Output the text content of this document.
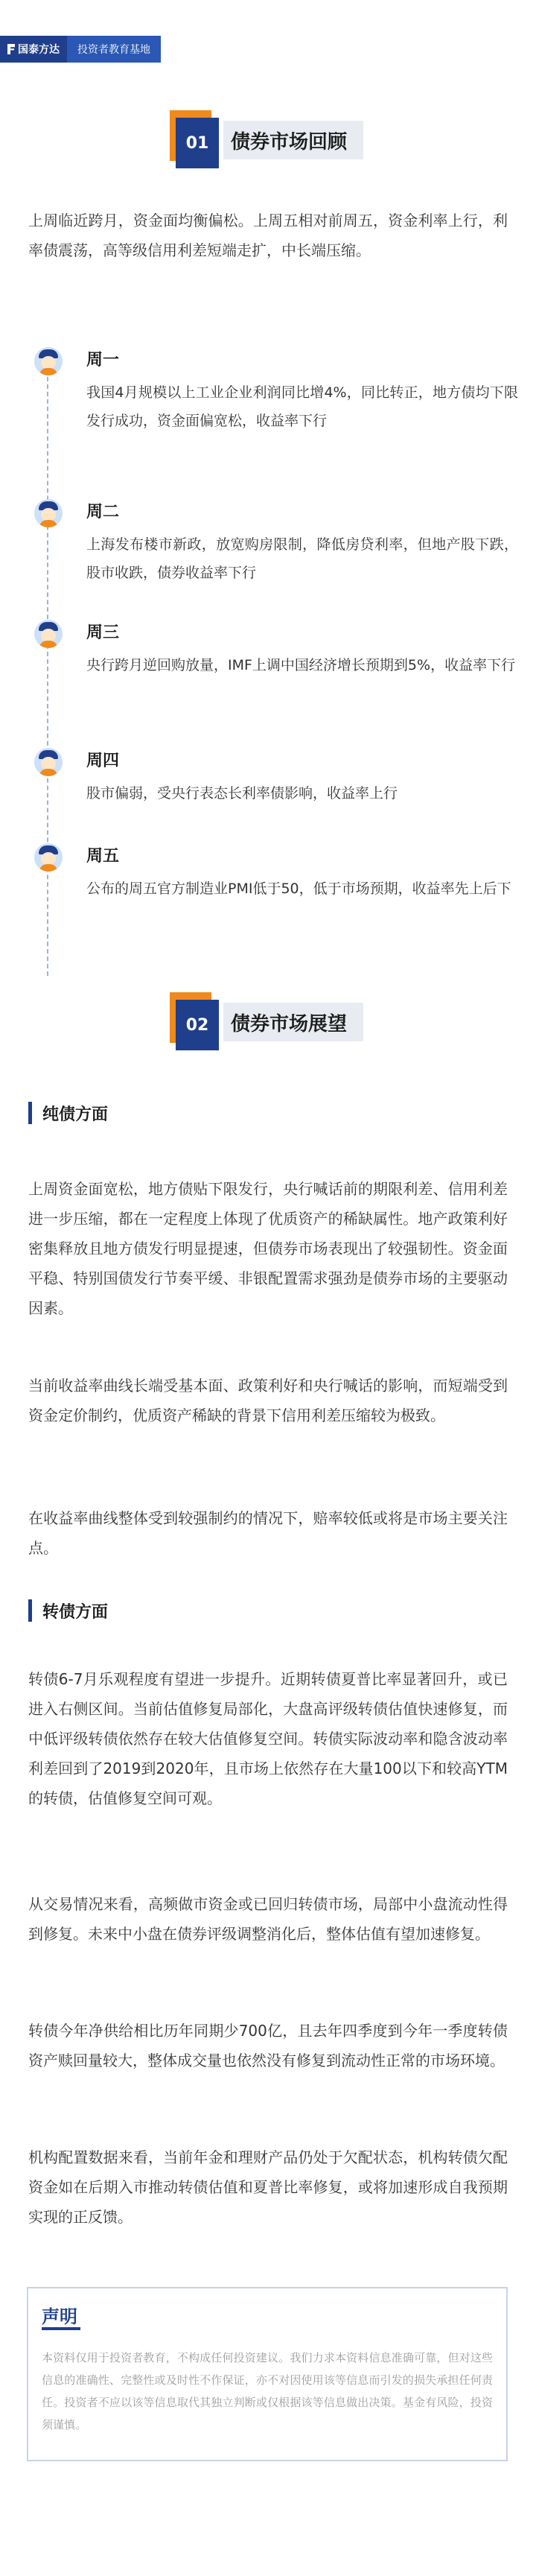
国泰方达	投资者教育基地
01	债券市场回顾

上周临近跨月，资金面均衡偏松。上周五相对前周五，资金利率上行，利率债震荡，高等级信用利差短端走扩，中长端压缩。

周一

我国4月规模以上工业企业利润同比增4%，同比转正，地方债均下限发行成功，资金面偏宽松，收益率下行

周二

上海发布楼市新政，放宽购房限制，降低房贷利率，但地产股下跌，股市收跌，债券收益率下行

周三

央行跨月逆回购放量，IMF上调中国经济增长预期到5%，收益率下行

周四

股市偏弱，受央行表态长利率债影响，收益率上行

周五

公布的周五官方制造业PMI低于50，低于市场预期，收益率先上后下

02	债券市场展望
纯债方面

上周资金面宽松，地方债贴下限发行，央行喊话前的期限利差、信用利差进一步压缩，都在一定程度上体现了优质资产的稀缺属性。地产政策利好密集释放且地方债发行明显提速，但债券市场表现出了较强韧性。资金面平稳、特别国债发行节奏平缓、非银配置需求强劲是债券市场的主要驱动因素。

当前收益率曲线长端受基本面、政策利好和央行喊话的影响，而短端受到资金定价制约，优质资产稀缺的背景下信用利差压缩较为极致。

在收益率曲线整体受到较强制约的情况下，赔率较低或将是市场主要关注点。

转债方面

转债6-7月乐观程度有望进一步提升。近期转债夏普比率显著回升，或已进入右侧区间。当前估值修复局部化，大盘高评级转债估值快速修复，而中低评级转债依然存在较大估值修复空间。转债实际波动率和隐含波动率利差回到了2019到2020年，且市场上依然存在大量100以下和较高YTM的转债，估值修复空间可观。

从交易情况来看，高频做市资金或已回归转债市场，局部中小盘流动性得到修复。未来中小盘在债券评级调整消化后，整体估值有望加速修复。

转债今年净供给相比历年同期少700亿，且去年四季度到今年一季度转债资产赎回量较大，整体成交量也依然没有修复到流动性正常的市场环境。

机构配置数据来看，当前年金和理财产品仍处于欠配状态，机构转债欠配资金如在后期入市推动转债估值和夏普比率修复，或将加速形成自我预期实现的正反馈。

声明

本资料仅用于投资者教育，不构成任何投资建议。我们力求本资料信息准确可靠，但对这些信息的准确性、完整性或及时性不作保证，亦不对因使用该等信息而引发的损失承担任何责任。投资者不应以该等信息取代其独立判断或仅根据该等信息做出决策。基金有风险，投资须谨慎。
